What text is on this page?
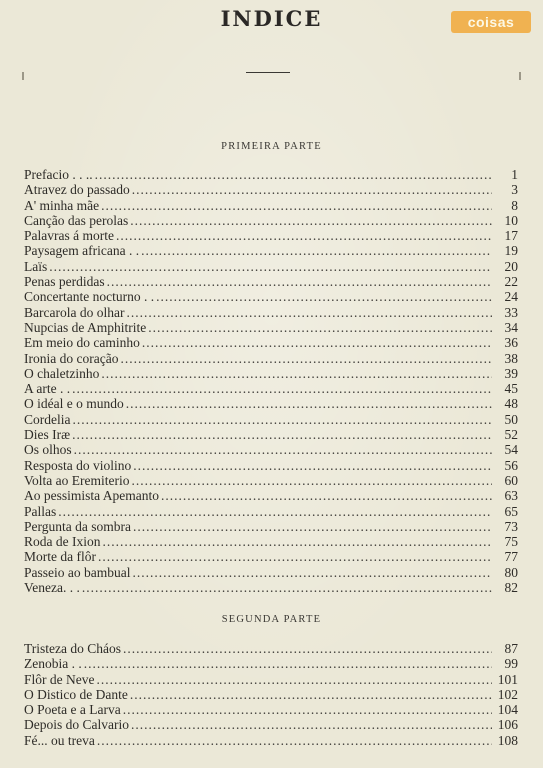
INDICE	coisas
PRIMEIRA PARTE
Prefacio . . .. .....	1
Atravez do passado .....	3
A' minha mãe .....	8
Canção das perolas .....	10
Palavras á morte .....	17
Paysagem africana . . .....	19
Laïs .....	20
Penas perdidas .....	22
Concertante nocturno . . .....	24
Barcarola do olhar .....	33
Nupcias de Amphitrite .....	34
Em meio do caminho .....	36
Ironia do coração .....	38
O chaletzinho .....	39
A arte . . .....	45
O idéal e o mundo .....	48
Cordelia .....	50
Dies Iræ .....	52
Os olhos .....	54
Resposta do violino .....	56
Volta ao Eremiterio .....	60
Ao pessimista Apemanto .....	63
Pallas .....	65
Pergunta da sombra .....	73
Roda de Ixion .....	75
Morte da flôr .....	77
Passeio ao bambual .....	80
Veneza. . . .....	82
SEGUNDA PARTE
Tristeza do Cháos .....	87
Zenobia . . .....	99
Flôr de Neve .....	101
O Distico de Dante .....	102
O Poeta e a Larva .....	104
Depois do Calvario .....	106
Fé... ou treva .....	108
